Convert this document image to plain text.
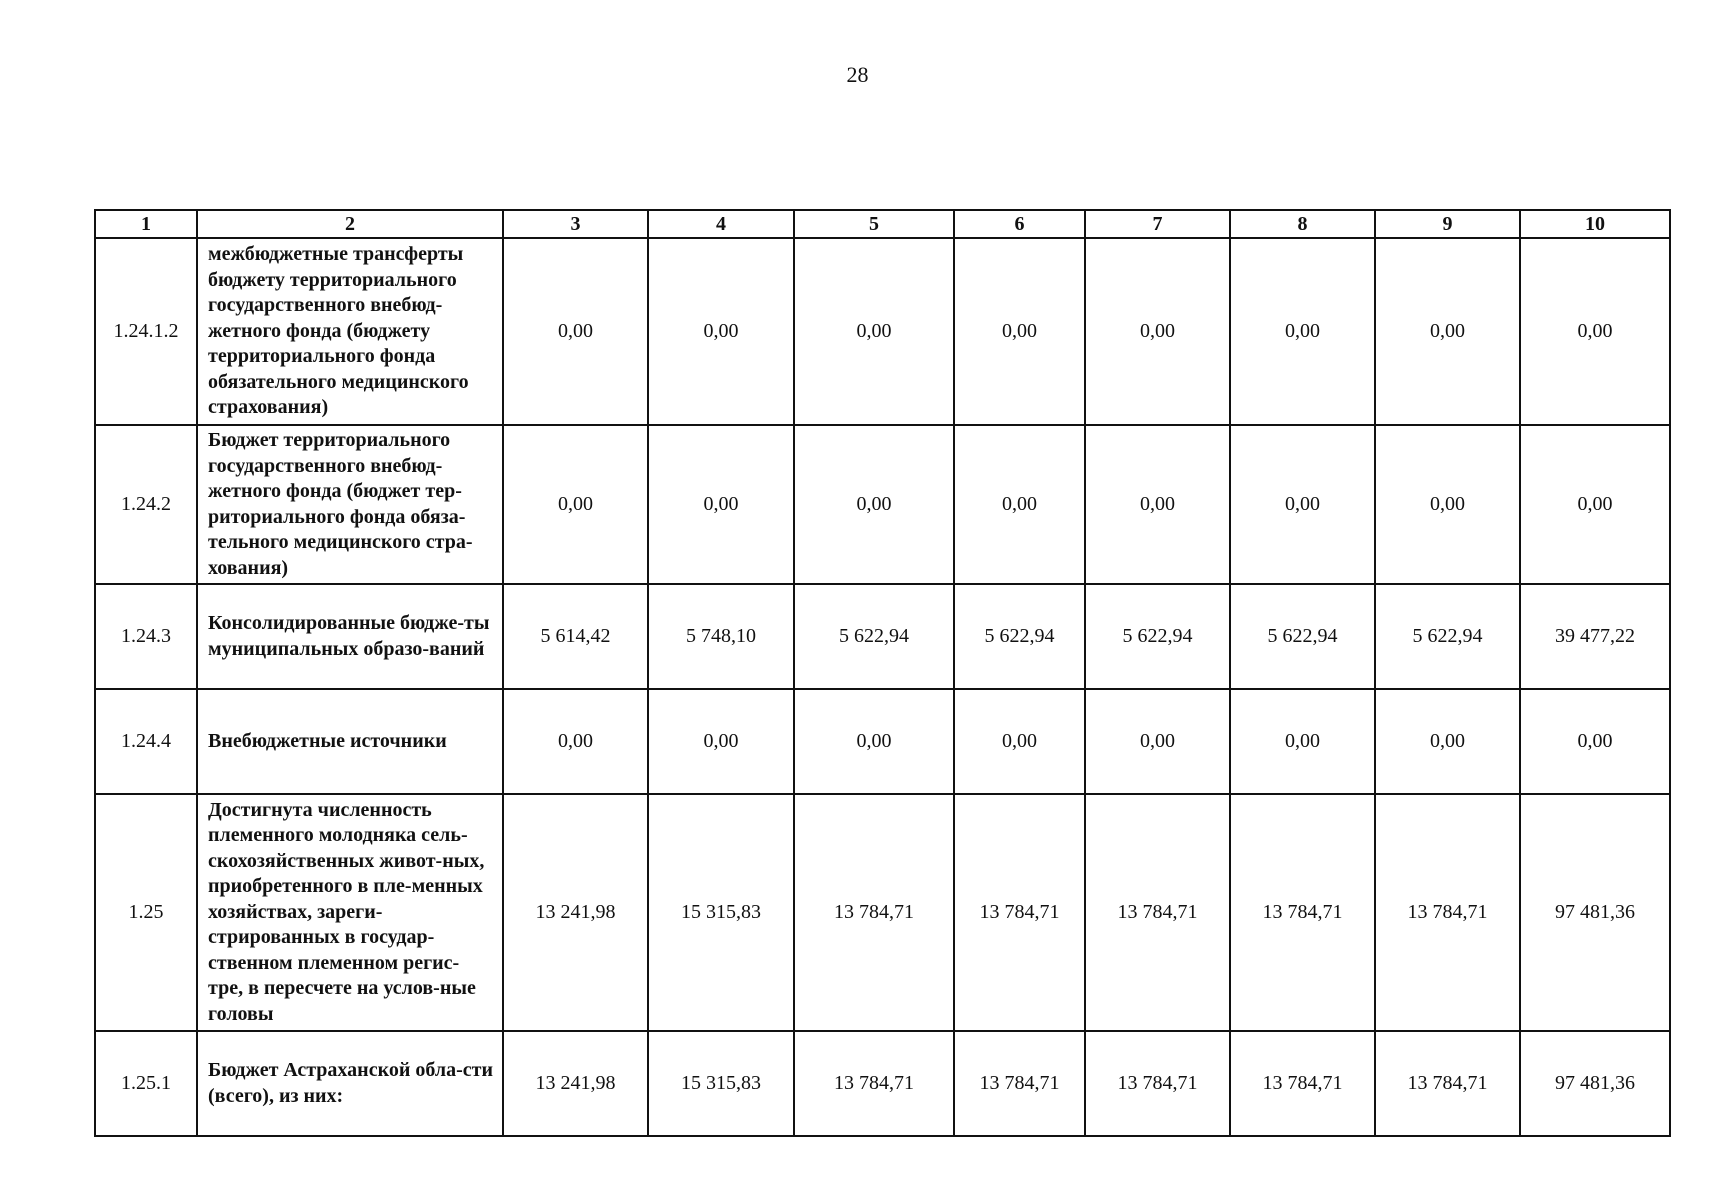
28
1	2	3	4	5	6	7	8	9	10
1.24.1.2	межбюджетные трансферты бюджету территориального государственного внебюд-жетного фонда (бюджету территориального фонда обязательного медицинского страхования)	0,00	0,00	0,00	0,00	0,00	0,00	0,00	0,00
1.24.2	Бюджет территориального государственного внебюд-жетного фонда (бюджет тер-риториального фонда обяза-тельного медицинского стра-хования)	0,00	0,00	0,00	0,00	0,00	0,00	0,00	0,00
1.24.3	Консолидированные бюдже-ты муниципальных образо-ваний	5 614,42	5 748,10	5 622,94	5 622,94	5 622,94	5 622,94	5 622,94	39 477,22
1.24.4	Внебюджетные источники	0,00	0,00	0,00	0,00	0,00	0,00	0,00	0,00
1.25	Достигнута численность племенного молодняка сель-скохозяйственных живот-ных, приобретенного в пле-менных хозяйствах, зареги-стрированных в государ-ственном племенном регис-тре, в пересчете на услов-ные головы	13 241,98	15 315,83	13 784,71	13 784,71	13 784,71	13 784,71	13 784,71	97 481,36
1.25.1	Бюджет Астраханской обла-сти (всего), из них:	13 241,98	15 315,83	13 784,71	13 784,71	13 784,71	13 784,71	13 784,71	97 481,36
